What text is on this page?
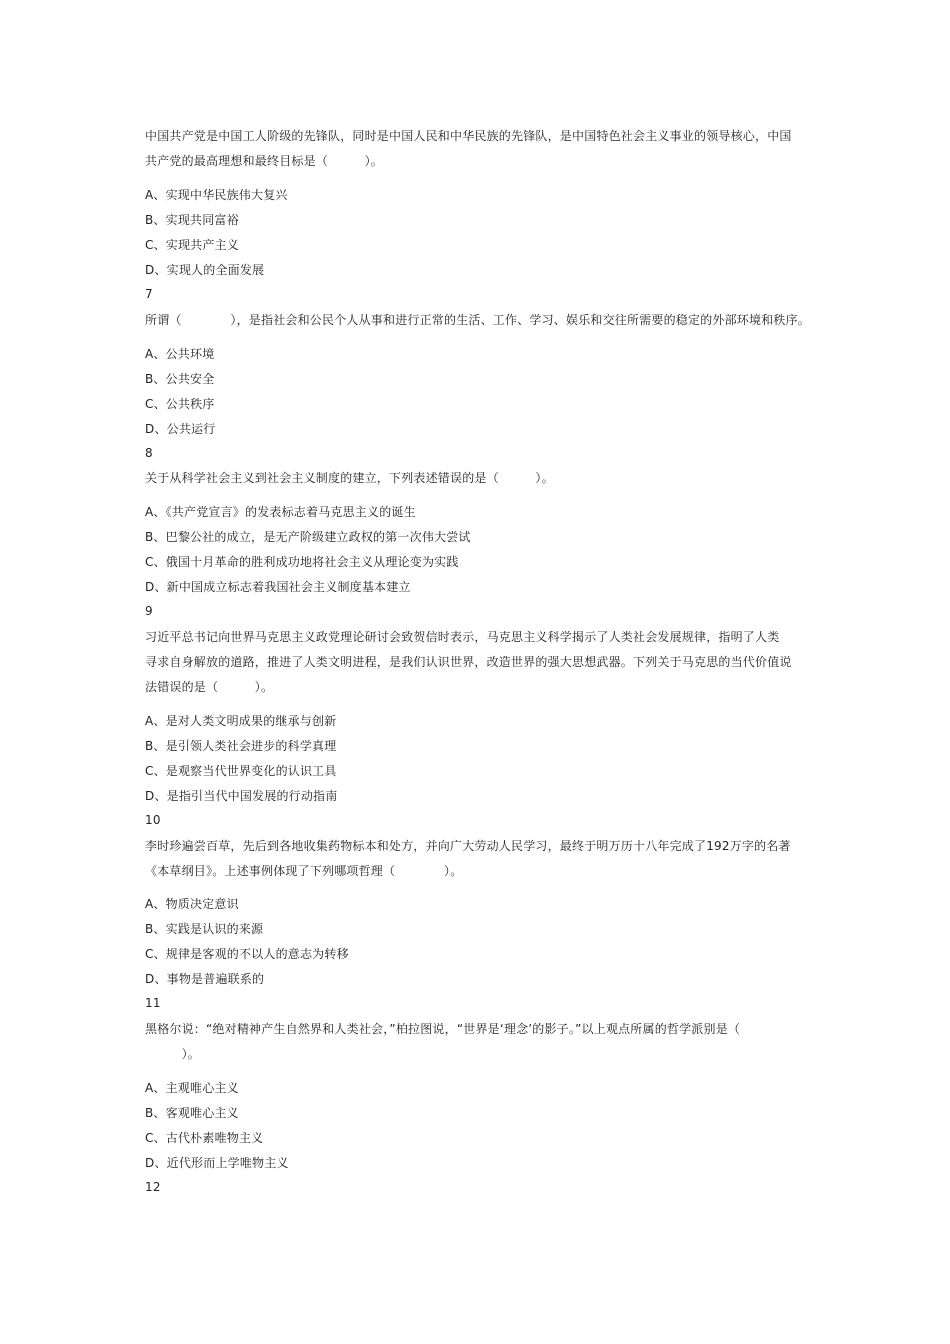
中国共产党是中国工人阶级的先锋队，同时是中国人民和中华民族的先锋队，是中国特色社会主义事业的领导核心，中国
共产党的最高理想和最终目标是（　　　）。
A、实现中华民族伟大复兴
B、实现共同富裕
C、实现共产主义
D、实现人的全面发展
7
所谓（　　　　），是指社会和公民个人从事和进行正常的生活、工作、学习、娱乐和交往所需要的稳定的外部环境和秩序。
A、公共环境
B、公共安全
C、公共秩序
D、公共运行
8
关于从科学社会主义到社会主义制度的建立，下列表述错误的是（　　　）。
A、《共产党宣言》的发表标志着马克思主义的诞生
B、巴黎公社的成立，是无产阶级建立政权的第一次伟大尝试
C、俄国十月革命的胜利成功地将社会主义从理论变为实践
D、新中国成立标志着我国社会主义制度基本建立
9
习近平总书记向世界马克思主义政党理论研讨会致贺信时表示，马克思主义科学揭示了人类社会发展规律，指明了人类
寻求自身解放的道路，推进了人类文明进程，是我们认识世界，改造世界的强大思想武器。下列关于马克思的当代价值说
法错误的是（　　　）。
A、是对人类文明成果的继承与创新
B、是引领人类社会进步的科学真理
C、是观察当代世界变化的认识工具
D、是指引当代中国发展的行动指南
10
李时珍遍尝百草，先后到各地收集药物标本和处方，并向广大劳动人民学习，最终于明万历十八年完成了192万字的名著
《本草纲目》。上述事例体现了下列哪项哲理（　　　　）。
A、物质决定意识
B、实践是认识的来源
C、规律是客观的不以人的意志为转移
D、事物是普遍联系的
11
黑格尔说：“绝对精神产生自然界和人类社会，”柏拉图说，“世界是‘理念’的影子。”以上观点所属的哲学派别是（
　　　）。
A、主观唯心主义
B、客观唯心主义
C、古代朴素唯物主义
D、近代形而上学唯物主义
12
